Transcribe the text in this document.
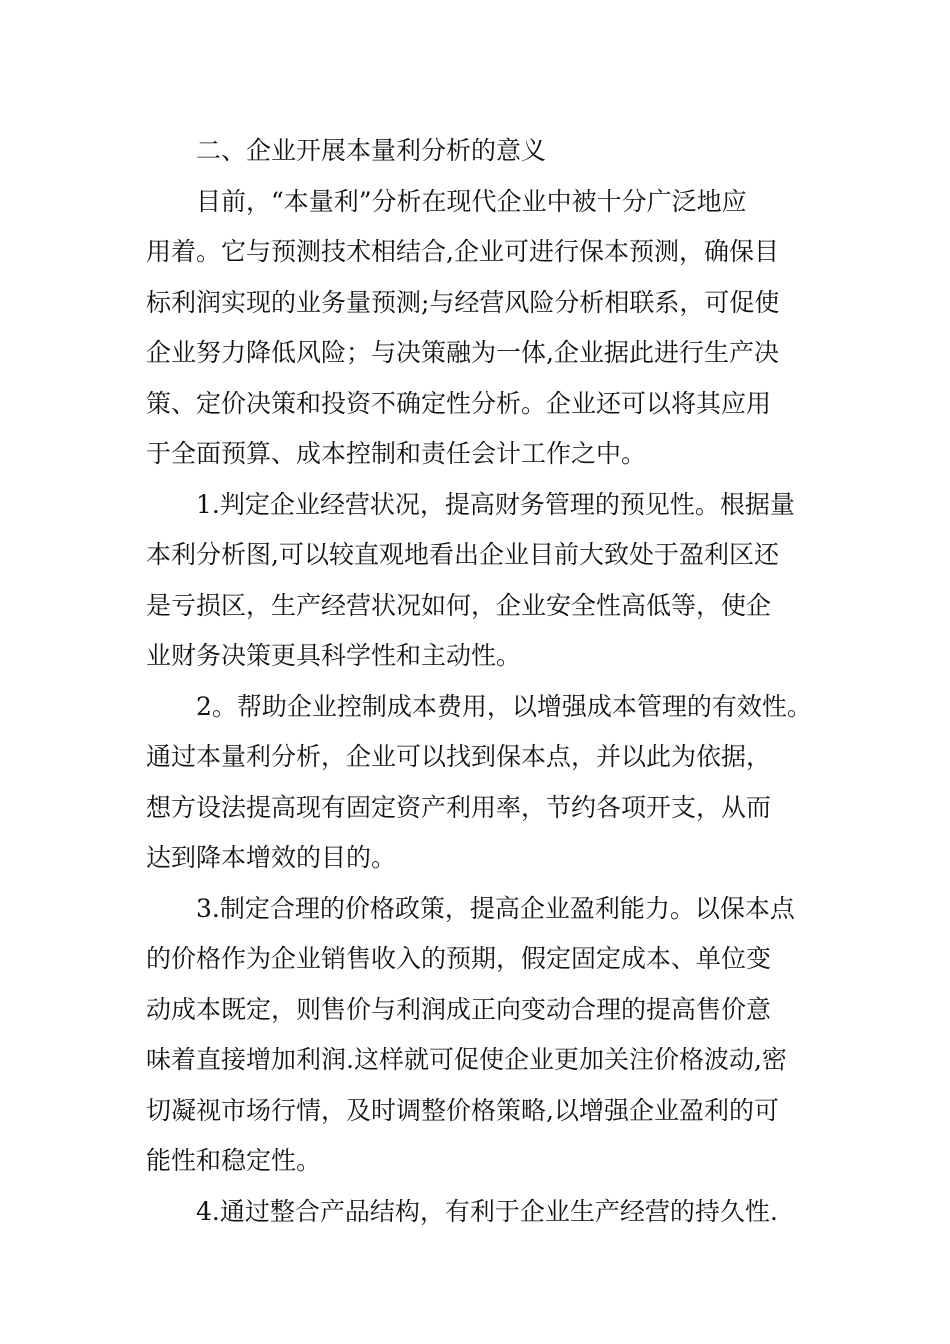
二、企业开展本量利分析的意义
目前，“本量利”分析在现代企业中被十分广泛地应
用着。它与预测技术相结合,企业可进行保本预测，确保目
标利润实现的业务量预测;与经营风险分析相联系，可促使
企业努力降低风险；与决策融为一体,企业据此进行生产决
策、定价决策和投资不确定性分析。企业还可以将其应用
于全面预算、成本控制和责任会计工作之中。
1.判定企业经营状况，提高财务管理的预见性。根据量
本利分析图,可以较直观地看出企业目前大致处于盈利区还
是亏损区，生产经营状况如何，企业安全性高低等，使企
业财务决策更具科学性和主动性。
2。帮助企业控制成本费用，以增强成本管理的有效性。
通过本量利分析，企业可以找到保本点，并以此为依据，
想方设法提高现有固定资产利用率，节约各项开支，从而
达到降本增效的目的。
3.制定合理的价格政策，提高企业盈利能力。以保本点
的价格作为企业销售收入的预期，假定固定成本、单位变
动成本既定，则售价与利润成正向变动合理的提高售价意
味着直接增加利润.这样就可促使企业更加关注价格波动,密
切凝视市场行情，及时调整价格策略,以增强企业盈利的可
能性和稳定性。
4.通过整合产品结构，有利于企业生产经营的持久性.
